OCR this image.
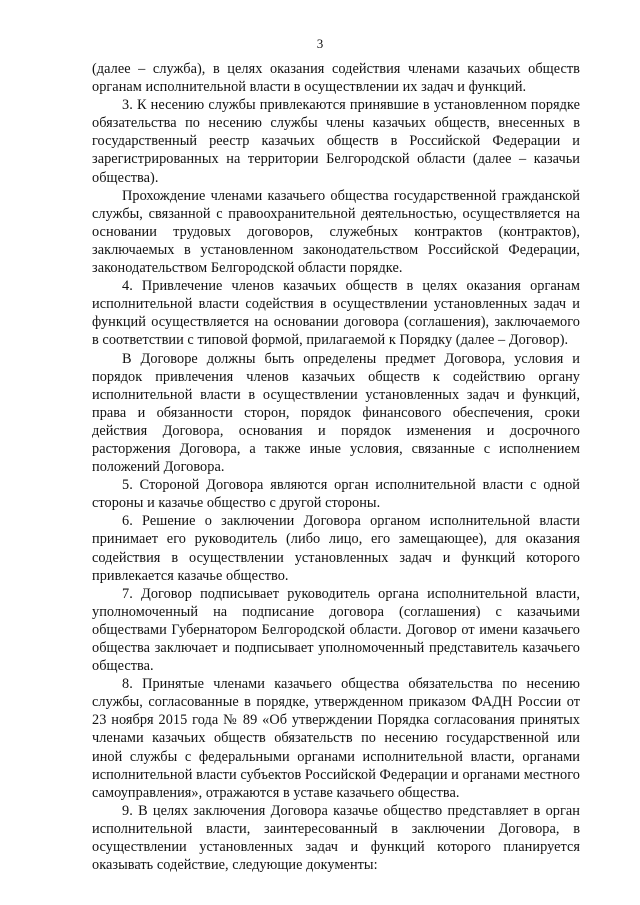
3

(далее – служба), в целях оказания содействия членами казачьих обществ органам исполнительной власти в осуществлении их задач и функций.

3. К несению службы привлекаются принявшие в установленном порядке обязательства по несению службы члены казачьих обществ, внесенных в государственный реестр казачьих обществ в Российской Федерации и зарегистрированных на территории Белгородской области (далее – казачьи общества).

Прохождение членами казачьего общества государственной гражданской службы, связанной с правоохранительной деятельностью, осуществляется на основании трудовых договоров, служебных контрактов (контрактов), заключаемых в установленном законодательством Российской Федерации, законодательством Белгородской области порядке.

4. Привлечение членов казачьих обществ в целях оказания органам исполнительной власти содействия в осуществлении установленных задач и функций осуществляется на основании договора (соглашения), заключаемого в соответствии с типовой формой, прилагаемой к Порядку (далее – Договор).

В Договоре должны быть определены предмет Договора, условия и порядок привлечения членов казачьих обществ к содействию органу исполнительной власти в осуществлении установленных задач и функций, права и обязанности сторон, порядок финансового обеспечения, сроки действия Договора, основания и порядок изменения и досрочного расторжения Договора, а также иные условия, связанные с исполнением положений Договора.

5. Стороной Договора являются орган исполнительной власти с одной стороны и казачье общество с другой стороны.

6. Решение о заключении Договора органом исполнительной власти принимает его руководитель (либо лицо, его замещающее), для оказания содействия в осуществлении установленных задач и функций которого привлекается казачье общество.

7. Договор подписывает руководитель органа исполнительной власти, уполномоченный на подписание договора (соглашения) с казачьими обществами Губернатором Белгородской области. Договор от имени казачьего общества заключает и подписывает уполномоченный представитель казачьего общества.

8. Принятые членами казачьего общества обязательства по несению службы, согласованные в порядке, утвержденном приказом ФАДН России от 23 ноября 2015 года № 89 «Об утверждении Порядка согласования принятых членами казачьих обществ обязательств по несению государственной или иной службы с федеральными органами исполнительной власти, органами исполнительной власти субъектов Российской Федерации и органами местного самоуправления», отражаются в уставе казачьего общества.

9. В целях заключения Договора казачье общество представляет в орган исполнительной власти, заинтересованный в заключении Договора, в осуществлении установленных задач и функций которого планируется оказывать содействие, следующие документы:
